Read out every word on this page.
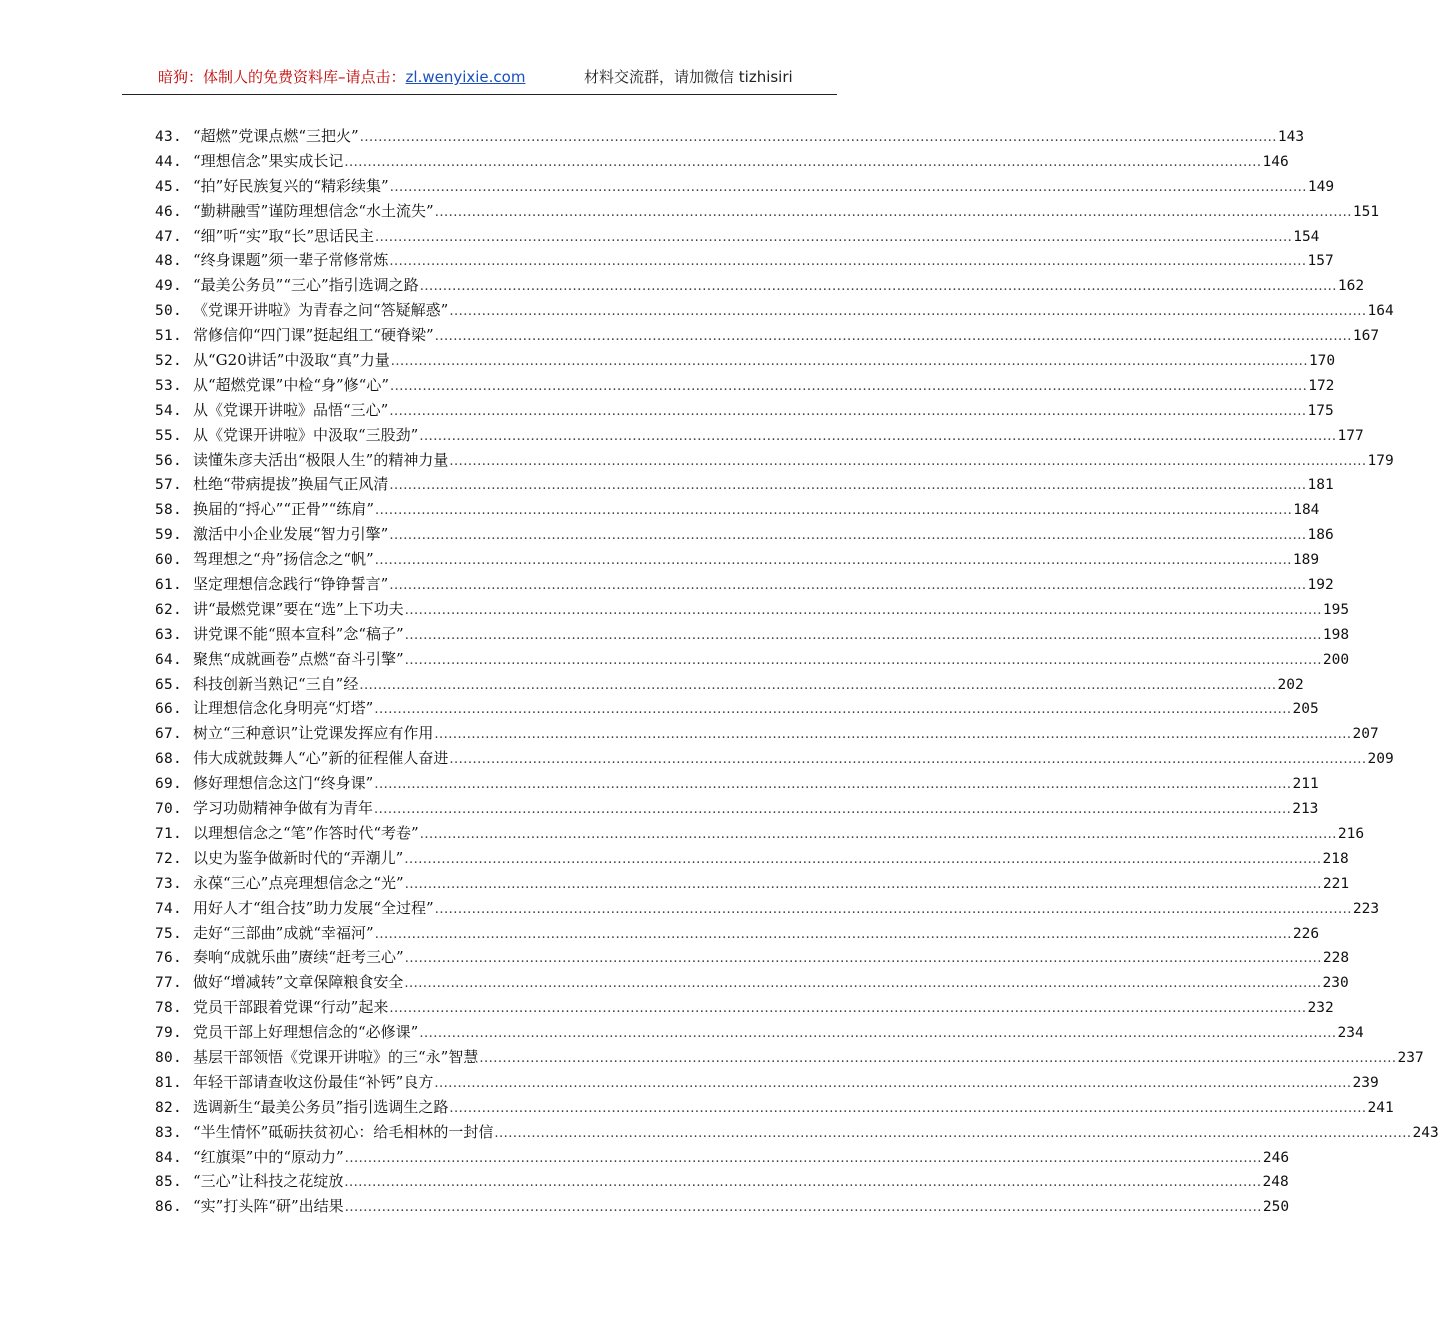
暗狗：体制人的免费资料库–请点击：zl.wenyixie.com	材料交流群，请加微信 tizhisiri
43. “超燃”党课点燃“三把火” .....	143
44. “理想信念”果实成长记 .....	146
45. “拍”好民族复兴的“精彩续集” .....	149
46. “勤耕融雪”谨防理想信念“水土流失” .....	151
47. “细”听“实”取“长”思话民主 .....	154
48. “终身课题”须一辈子常修常炼 .....	157
49. “最美公务员”“三心”指引选调之路 .....	162
50. 《党课开讲啦》为青春之问“答疑解惑” .....	164
51. 常修信仰“四门课”挺起组工“硬脊梁” .....	167
52. 从“G20讲话”中汲取“真”力量 .....	170
53. 从“超燃党课”中检“身”修“心” .....	172
54. 从《党课开讲啦》品悟“三心” .....	175
55. 从《党课开讲啦》中汲取“三股劲” .....	177
56. 读懂朱彦夫活出“极限人生”的精神力量 .....	179
57. 杜绝“带病提拔”换届气正风清 .....	181
58. 换届的“捋心”“正骨”“练肩” .....	184
59. 激活中小企业发展“智力引擎” .....	186
60. 驾理想之“舟”扬信念之“帆” .....	189
61. 坚定理想信念践行“铮铮誓言” .....	192
62. 讲“最燃党课”要在“选”上下功夫 .....	195
63. 讲党课不能“照本宣科”念“稿子” .....	198
64. 聚焦“成就画卷”点燃“奋斗引擎” .....	200
65. 科技创新当熟记“三自”经 .....	202
66. 让理想信念化身明亮“灯塔” .....	205
67. 树立“三种意识”让党课发挥应有作用 .....	207
68. 伟大成就鼓舞人“心”新的征程催人奋进 .....	209
69. 修好理想信念这门“终身课” .....	211
70. 学习功勋精神争做有为青年 .....	213
71. 以理想信念之“笔”作答时代“考卷” .....	216
72. 以史为鉴争做新时代的“弄潮儿” .....	218
73. 永葆“三心”点亮理想信念之“光” .....	221
74. 用好人才“组合技”助力发展“全过程” .....	223
75. 走好“三部曲”成就“幸福河” .....	226
76. 奏响“成就乐曲”赓续“赶考三心” .....	228
77. 做好“增减转”文章保障粮食安全 .....	230
78. 党员干部跟着党课“行动”起来 .....	232
79. 党员干部上好理想信念的“必修课” .....	234
80. 基层干部领悟《党课开讲啦》的三“永”智慧 .....	237
81. 年轻干部请查收这份最佳“补钙”良方 .....	239
82. 选调新生“最美公务员”指引选调生之路 .....	241
83. “半生情怀”砥砺扶贫初心：给毛相林的一封信 .....	243
84. “红旗渠”中的“原动力” .....	246
85. “三心”让科技之花绽放 .....	248
86. “实”打头阵“研”出结果 .....	250
